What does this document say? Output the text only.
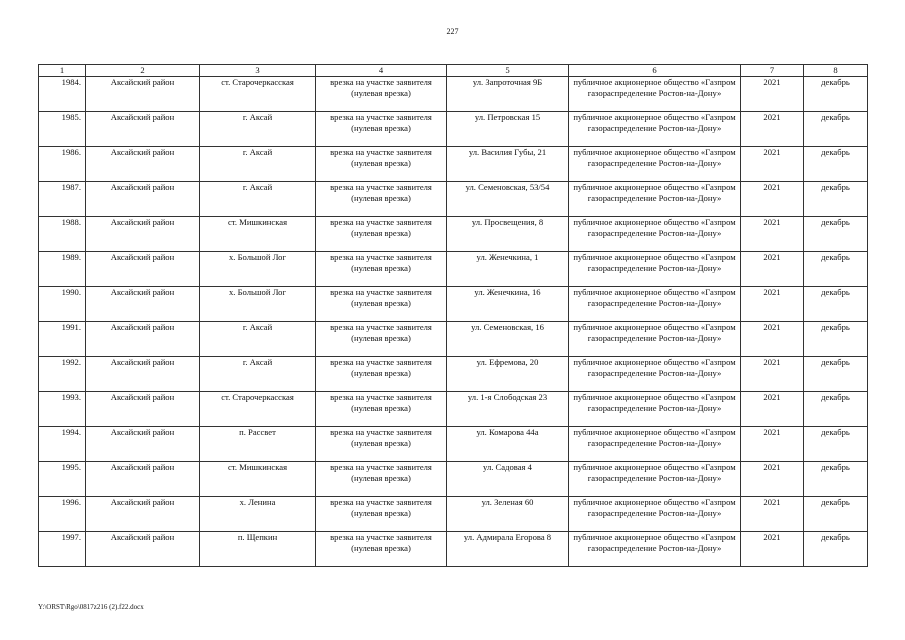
227
1	2	3	4	5	6	7	8
1984.	Аксайский район	ст. Старочеркасская	врезка на участке заявителя (нулевая врезка)	ул. Запроточная 9Б	публичное акционерное общество «Газпром газораспределение Ростов-на-Дону»	2021	декабрь
1985.	Аксайский район	г. Аксай	врезка на участке заявителя (нулевая врезка)	ул. Петровская 15	публичное акционерное общество «Газпром газораспределение Ростов-на-Дону»	2021	декабрь
1986.	Аксайский район	г. Аксай	врезка на участке заявителя (нулевая врезка)	ул. Василия Губы, 21	публичное акционерное общество «Газпром газораспределение Ростов-на-Дону»	2021	декабрь
1987.	Аксайский район	г. Аксай	врезка на участке заявителя (нулевая врезка)	ул. Семеновская, 53/54	публичное акционерное общество «Газпром газораспределение Ростов-на-Дону»	2021	декабрь
1988.	Аксайский район	ст. Мишкинская	врезка на участке заявителя (нулевая врезка)	ул. Просвещения, 8	публичное акционерное общество «Газпром газораспределение Ростов-на-Дону»	2021	декабрь
1989.	Аксайский район	х. Большой Лог	врезка на участке заявителя (нулевая врезка)	ул. Женечкина, 1	публичное акционерное общество «Газпром газораспределение Ростов-на-Дону»	2021	декабрь
1990.	Аксайский район	х. Большой Лог	врезка на участке заявителя (нулевая врезка)	ул. Женечкина, 16	публичное акционерное общество «Газпром газораспределение Ростов-на-Дону»	2021	декабрь
1991.	Аксайский район	г. Аксай	врезка на участке заявителя (нулевая врезка)	ул. Семеновская, 16	публичное акционерное общество «Газпром газораспределение Ростов-на-Дону»	2021	декабрь
1992.	Аксайский район	г. Аксай	врезка на участке заявителя (нулевая врезка)	ул. Ефремова, 20	публичное акционерное общество «Газпром газораспределение Ростов-на-Дону»	2021	декабрь
1993.	Аксайский район	ст. Старочеркасская	врезка на участке заявителя (нулевая врезка)	ул. 1-я Слободская 23	публичное акционерное общество «Газпром газораспределение Ростов-на-Дону»	2021	декабрь
1994.	Аксайский район	п. Рассвет	врезка на участке заявителя (нулевая врезка)	ул. Комарова 44а	публичное акционерное общество «Газпром газораспределение Ростов-на-Дону»	2021	декабрь
1995.	Аксайский район	ст. Мишкинская	врезка на участке заявителя (нулевая врезка)	ул. Садовая 4	публичное акционерное общество «Газпром газораспределение Ростов-на-Дону»	2021	декабрь
1996.	Аксайский район	х. Ленина	врезка на участке заявителя (нулевая врезка)	ул. Зеленая 60	публичное акционерное общество «Газпром газораспределение Ростов-на-Дону»	2021	декабрь
1997.	Аксайский район	п. Щепкин	врезка на участке заявителя (нулевая врезка)	ул. Адмирала Егорова 8	публичное акционерное общество «Газпром газораспределение Ростов-на-Дону»	2021	декабрь
Y:\ORST\Rgo\0817z216 (2).f22.docx
